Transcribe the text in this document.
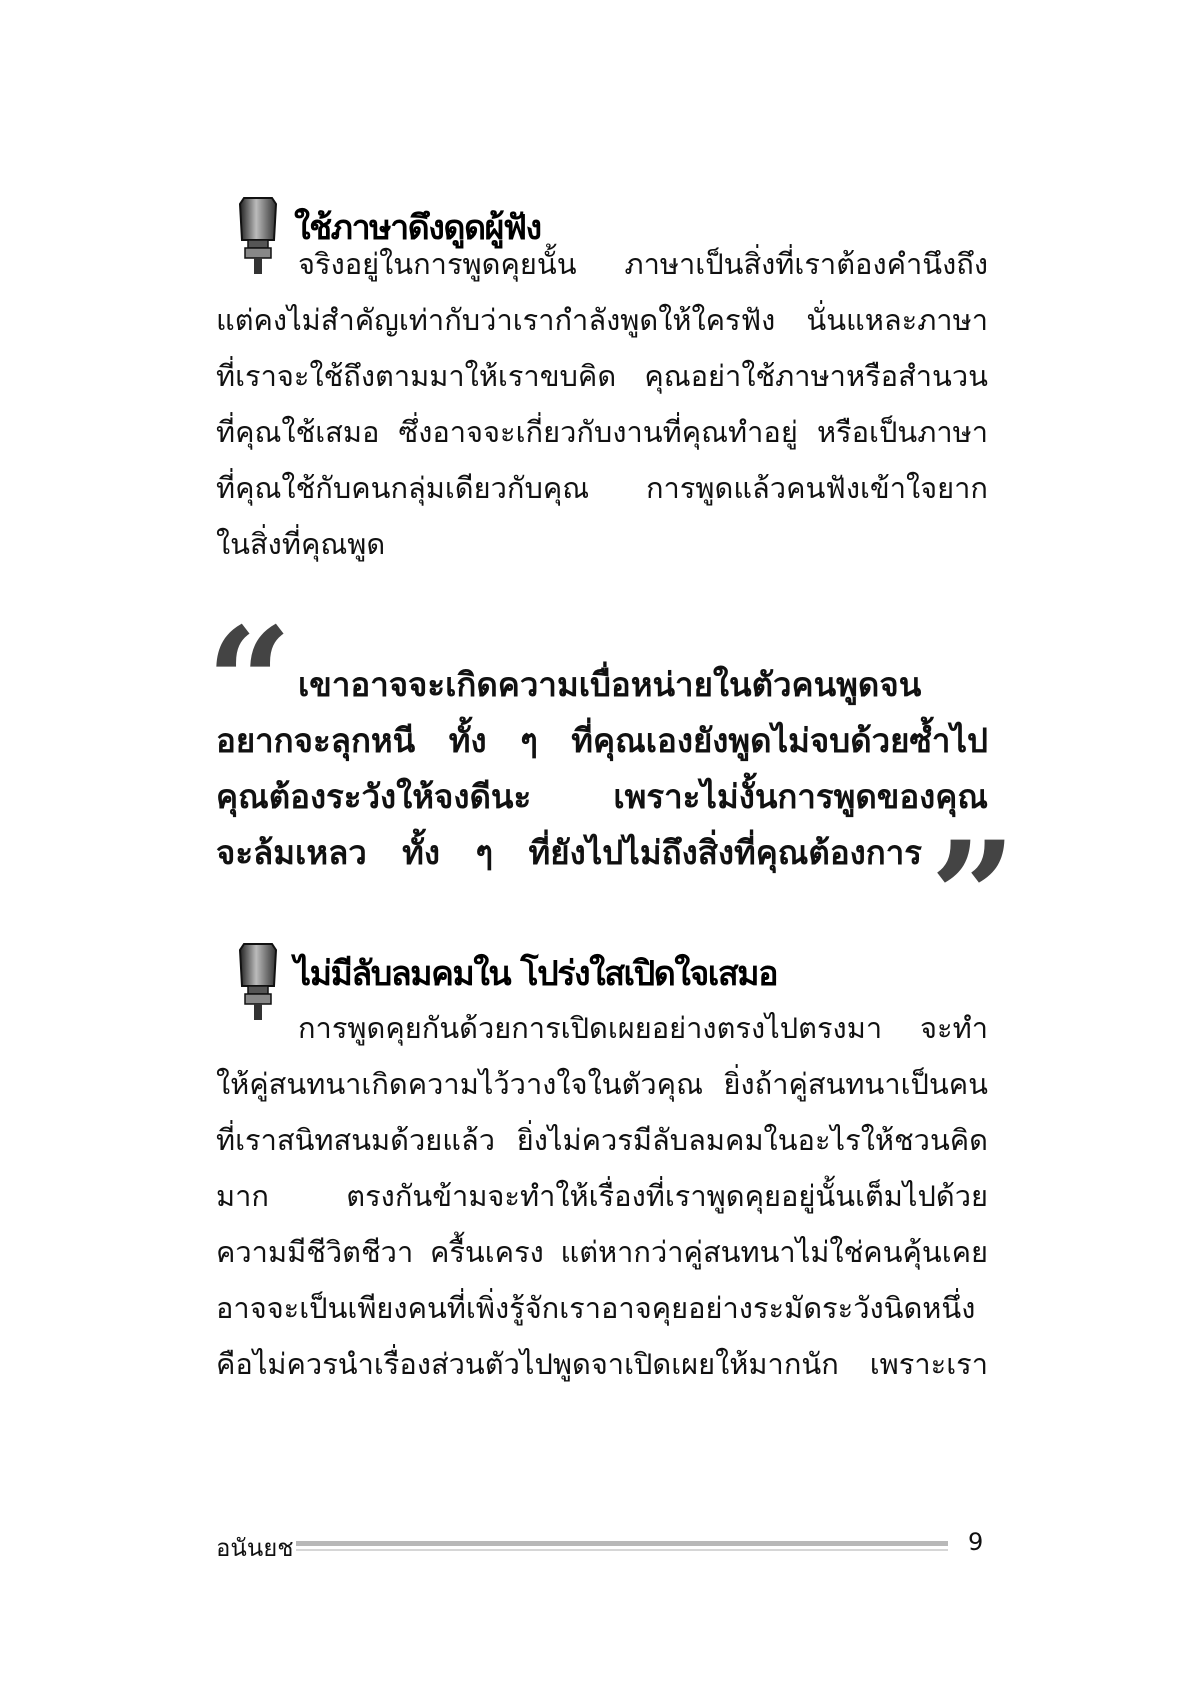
ใช้ภาษาดึงดูดผู้ฟัง
จริงอยู่ในการพูดคุยนั้น ภาษาเป็นสิ่งที่เราต้องคำนึงถึง
แต่คงไม่สำคัญเท่ากับว่าเรากำลังพูดให้ใครฟัง นั่นแหละภาษา
ที่เราจะใช้ถึงตามมาให้เราขบคิด คุณอย่าใช้ภาษาหรือสำนวน
ที่คุณใช้เสมอ ซึ่งอาจจะเกี่ยวกับงานที่คุณทำอยู่ หรือเป็นภาษา
ที่คุณใช้กับคนกลุ่มเดียวกับคุณ การพูดแล้วคนฟังเข้าใจยาก
ในสิ่งที่คุณพูด
“ เขาอาจจะเกิดความเบื่อหน่ายในตัวคนพูดจน
อยากจะลุกหนี ทั้ง ๆ ที่คุณเองยังพูดไม่จบด้วยซ้ำไป
คุณต้องระวังให้จงดีนะ เพราะไม่งั้นการพูดของคุณ
จะล้มเหลว ทั้ง ๆ ที่ยังไปไม่ถึงสิ่งที่คุณต้องการ ”
ไม่มีลับลมคมใน โปร่งใสเปิดใจเสมอ
การพูดคุยกันด้วยการเปิดเผยอย่างตรงไปตรงมา จะทำ
ให้คู่สนทนาเกิดความไว้วางใจในตัวคุณ ยิ่งถ้าคู่สนทนาเป็นคน
ที่เราสนิทสนมด้วยแล้ว ยิ่งไม่ควรมีลับลมคมในอะไรให้ชวนคิด
มาก ตรงกันข้ามจะทำให้เรื่องที่เราพูดคุยอยู่นั้นเต็มไปด้วย
ความมีชีวิตชีวา ครื้นเครง แต่หากว่าคู่สนทนาไม่ใช่คนคุ้นเคย
อาจจะเป็นเพียงคนที่เพิ่งรู้จักเราอาจคุยอย่างระมัดระวังนิดหนึ่ง
คือไม่ควรนำเรื่องส่วนตัวไปพูดจาเปิดเผยให้มากนัก เพราะเรา
อนันยช	9
